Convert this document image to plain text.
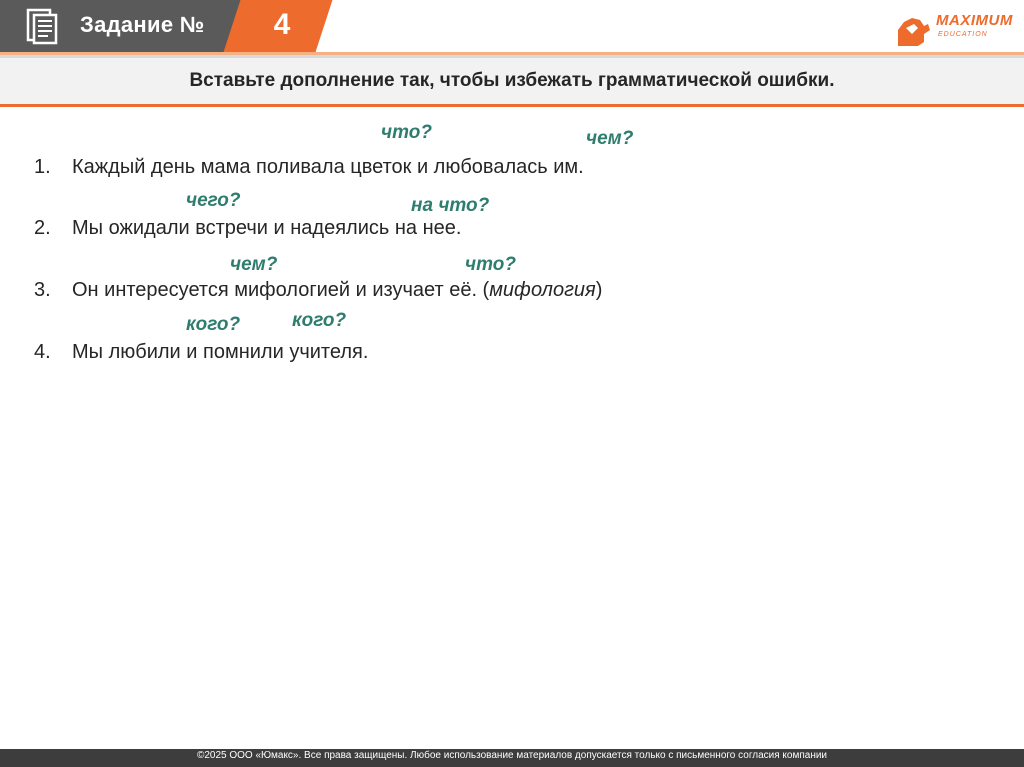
Задание №	4	MAXIMUM
EDUCATION
Вставьте дополнение так, чтобы избежать грамматической ошибки.
что?	чем?
1. Каждый день мама поливала цветок и любовалась им.
чего?	на что?
2. Мы ожидали встречи и надеялись на нее.
чем?	что?
3. Он интересуется мифологией и изучает её. (мифология)
кого?	кого?
4. Мы любили и помнили учителя.
©2025 ООО «Юмакс». Все права защищены. Любое использование материалов допускается только с письменного согласия компании
